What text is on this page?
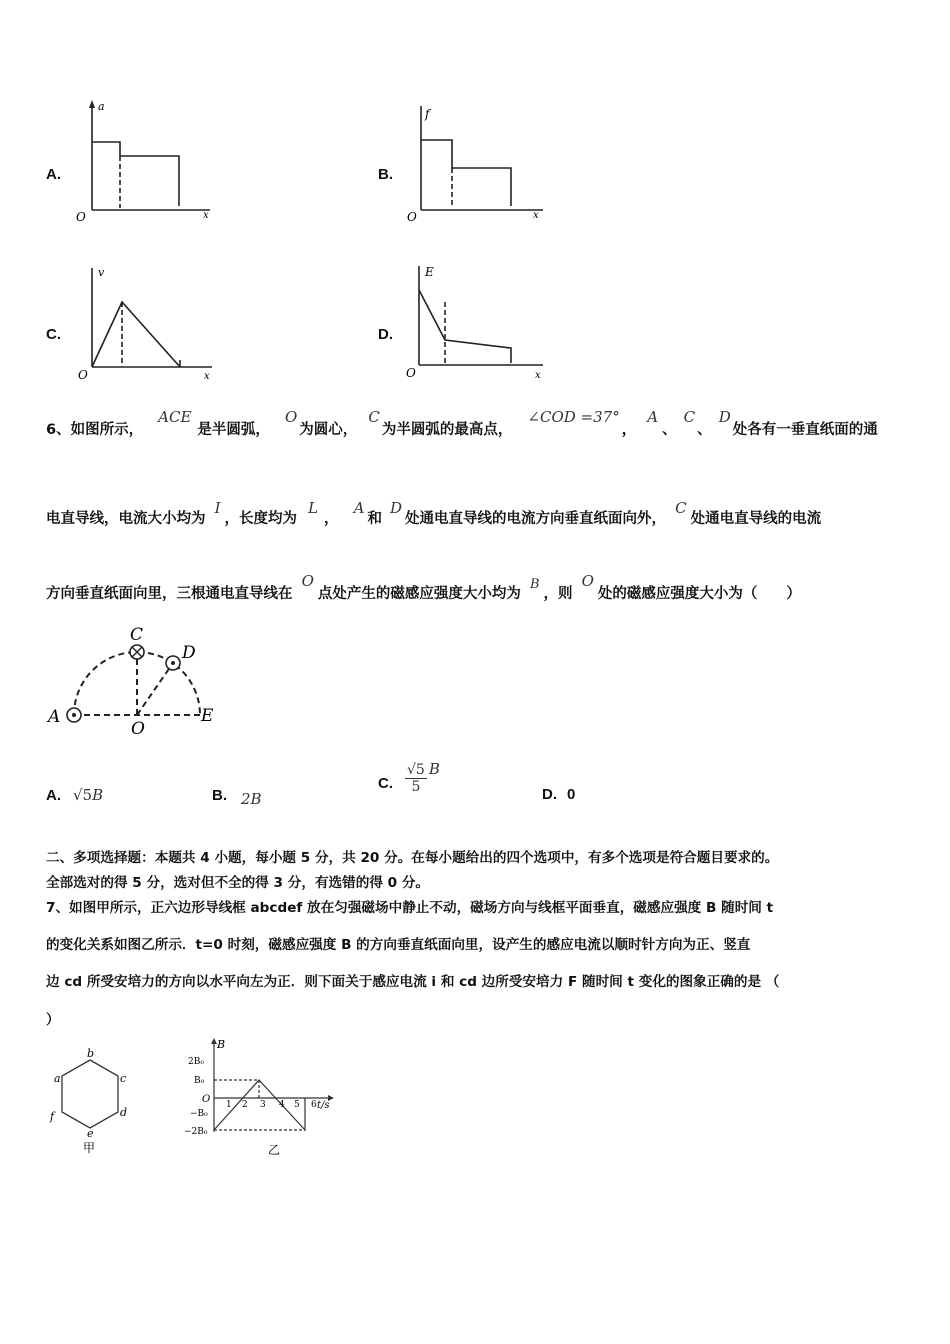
A.
a
O	x
B.
f
O	x
C.
v
O	x
D.
E
O	x
6、如图所示， ACE是半圆弧， O为圆心， C为半圆弧的最高点， ∠COD =37°， A、 C、 D处各有一垂直纸面的通
电直导线，电流大小均为 I，长度均为 L， A和 D处通电直导线的电流方向垂直纸面向外， C处通电直导线的电流
方向垂直纸面向里，三根通电直导线在 O点处产生的磁感应强度大小均为 B，则 O处的磁感应强度大小为（　　）
A
C
D
O
E
A. √5 B	B. 2B
C. $\frac{√5}{5}$ B
D. 0
二、多项选择题：本题共 4 小题，每小题 5 分，共 20 分。在每小题给出的四个选项中，有多个选项是符合题目要求的。
全部选对的得 5 分，选对但不全的得 3 分，有选错的得 0 分。
7、如图甲所示，正六边形导线框 abcdef 放在匀强磁场中静止不动，磁场方向与线框平面垂直，磁感应强度 B 随时间 t
的变化关系如图乙所示．t=0 时刻，磁感应强度 B 的方向垂直纸面向里，设产生的感应电流以顺时针方向为正、竖直
边 cd 所受安培力的方向以水平向左为正．则下面关于感应电流 i 和 cd 边所受安培力 F 随时间 t 变化的图象正确的是 （
）
a
b
c
d
e
f
甲
B
t/s
O
2B₀
B₀
−B₀
−2B₀
1 2 3 4 5 6
乙
